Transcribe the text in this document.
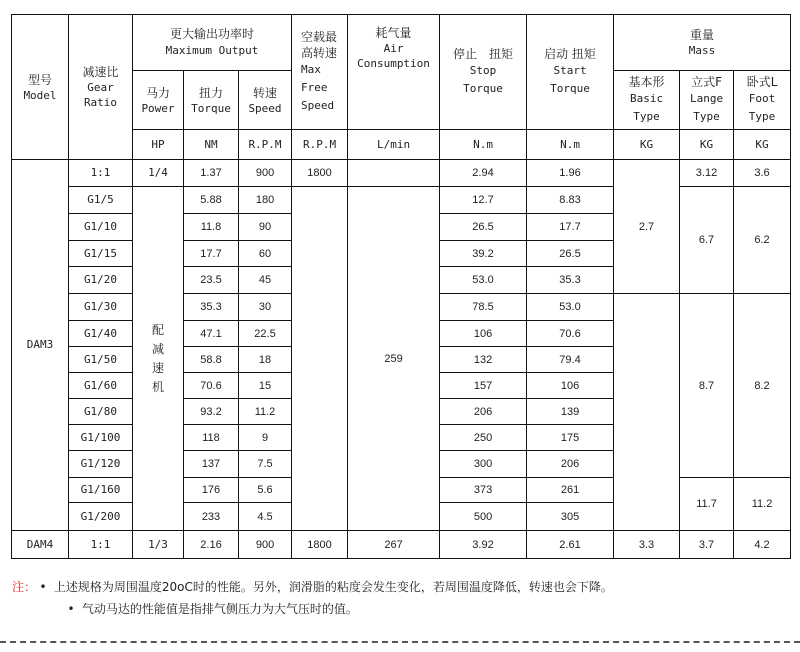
型号
Model	减速比
Gear
Ratio	更大输出功率时
Maximum Output			空载最
高转速
Max
Free
Speed	耗气量
Air
Consumption	停止　扭矩
Stop
Torque	启动 扭矩
Start
Torque	重量
Mass		

		马力
Power	扭力
Torque	转速
Speed					基本形
Basic
Type	立式F
Lange
Type	卧式L
Foot
Type

		HP	NM	R.P.M	R.P.M	L/min	N.m	N.m	KG	KG	KG
DAM3	1:1	1/4	1.37	900	1800		2.94	1.96	2.7	3.12	3.6
	G1/5	配减速机	5.88	180		259	12.7	8.83		6.7	6.2
	G1/10		11.8	90			26.5	17.7			
	G1/15		17.7	60			39.2	26.5			
	G1/20		23.5	45			53.0	35.3			
	G1/30		35.3	30			78.5	53.0		8.7	8.2
	G1/40		47.1	22.5			106	70.6			
	G1/50		58.8	18			132	79.4			
	G1/60		70.6	15			157	106			
	G1/80		93.2	11.2			206	139			
	G1/100		118	9			250	175			
	G1/120		137	7.5			300	206			
	G1/160		176	5.6			373	261		11.7	11.2
	G1/200		233	4.5			500	305			
DAM4	1:1	1/3	2.16	900	1800	267	3.92	2.61	3.3	3.7	4.2
注： • 上述规格为周围温度20oC时的性能。另外，润滑脂的粘度会发生变化，若周围温度降低，转速也会下降。
• 气动马达的性能值是指排气侧压力为大气压时的值。
